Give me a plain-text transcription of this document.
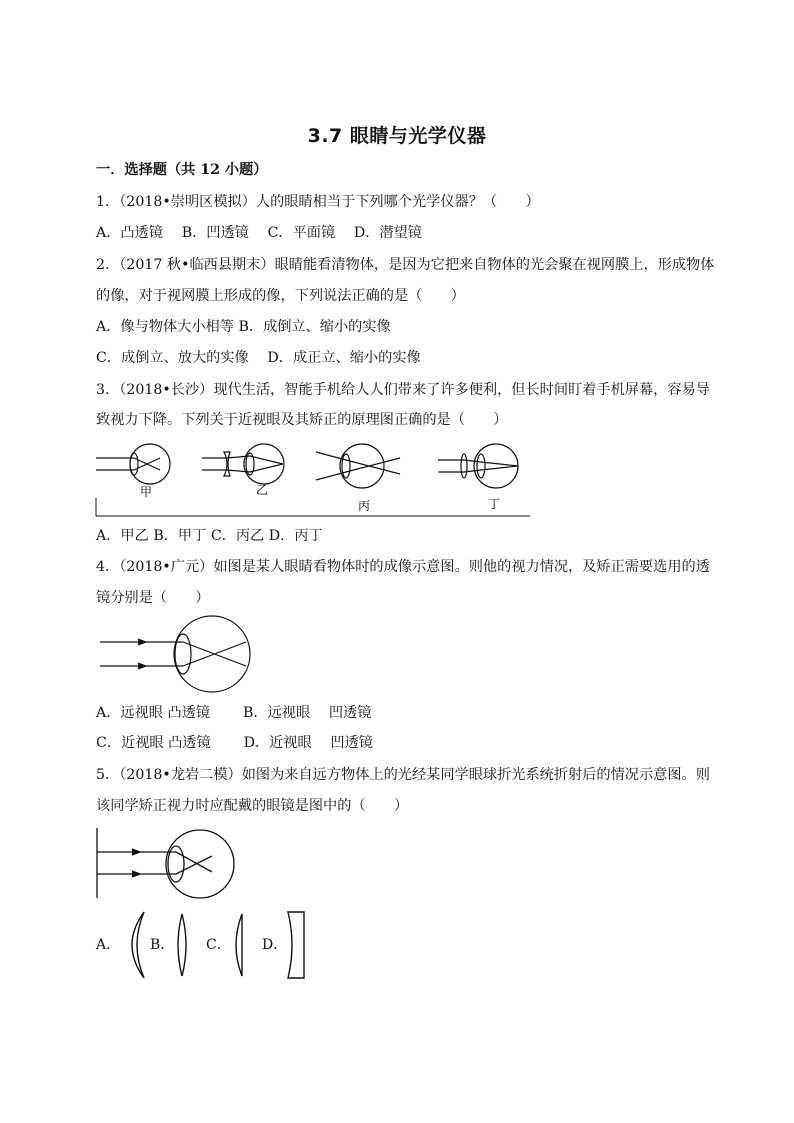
3.7 眼睛与光学仪器
一．选择题（共 12 小题）
1．（2018•崇明区模拟）人的眼睛相当于下列哪个光学仪器？（　　）
A．凸透镜　 B．凹透镜　 C．平面镜　 D．潜望镜
2．（2017 秋•临西县期末）眼睛能看清物体，是因为它把来自物体的光会聚在视网膜上，形成物体
的像，对于视网膜上形成的像，下列说法正确的是（　　）
A．像与物体大小相等 B．成倒立、缩小的实像
C．成倒立、放大的实像　 D．成正立、缩小的实像
3．（2018•长沙）现代生活，智能手机给人人们带来了许多便利，但长时间盯着手机屏幕，容易导
致视力下降。下列关于近视眼及其矫正的原理图正确的是（　　）
甲	乙
丙	丁
A．甲乙 B．甲丁 C．丙乙 D．丙丁
4．（2018•广元）如图是某人眼睛看物体时的成像示意图。则他的视力情况，及矫正需要选用的透
镜分别是（　　）
A．远视眼 凸透镜　　 B．远视眼　 凹透镜
C．近视眼 凸透镜　　 D．近视眼　 凹透镜
5．（2018•龙岩二模）如图为来自远方物体上的光经某同学眼球折光系统折射后的情况示意图。则
该同学矫正视力时应配戴的眼镜是图中的（　　）
A． B． C． D．
